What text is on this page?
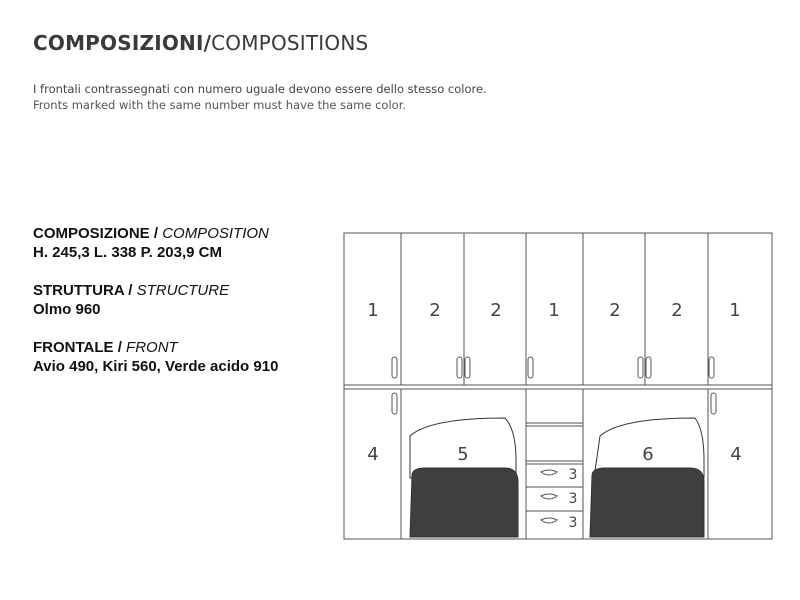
COMPOSIZIONI/COMPOSITIONS

I frontali contrassegnati con numero uguale devono essere dello stesso colore.

Fronts marked with the same number must have the same color.

COMPOSIZIONE / COMPOSITION
H. 245,3 L. 338 P. 203,9 CM
STRUTTURA / STRUCTURE
Olmo 960
FRONTALE / FRONT
Avio 490, Kiri 560, Verde acido 910
1	2	2	1	2	2	1
4	5	6	4
3
3
3
